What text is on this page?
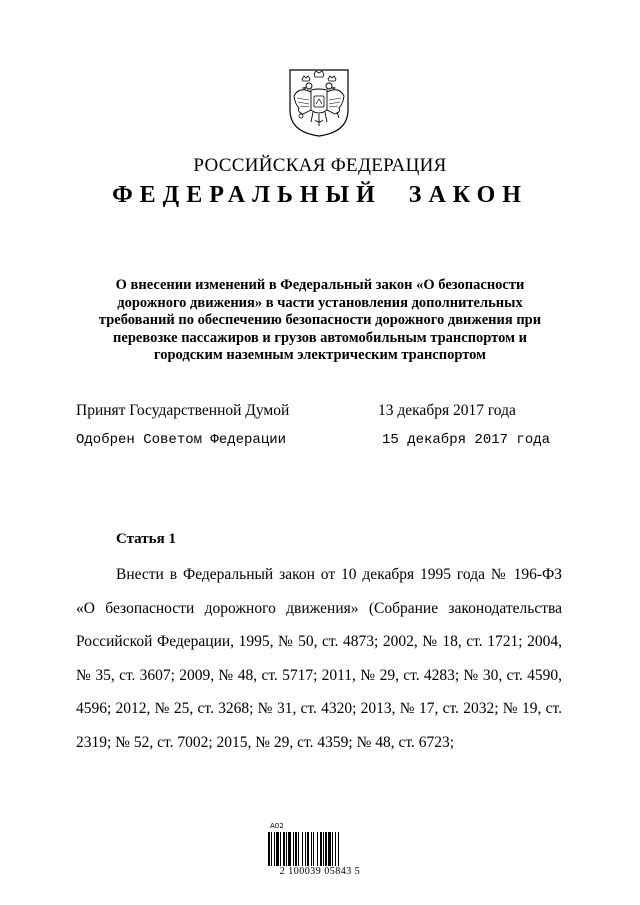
РОССИЙСКАЯ ФЕДЕРАЦИЯ
ФЕДЕРАЛЬНЫЙ ЗАКОН
О внесении изменений в Федеральный закон «О безопасности дорожного движения» в части установления дополнительных требований по обеспечению безопасности дорожного движения при перевозке пассажиров и грузов автомобильным транспортом и городским наземным электрическим транспортом
Принят Государственной Думой	13 декабря 2017 года
Одобрен Советом Федерации	15 декабря 2017 года
Статья 1

Внести в Федеральный закон от 10 декабря 1995 года № 196-ФЗ «О безопасности дорожного движения» (Собрание законодательства Российской Федерации, 1995, № 50, ст. 4873; 2002, № 18, ст. 1721; 2004, № 35, ст. 3607; 2009, № 48, ст. 5717; 2011, № 29, ст. 4283; № 30, ст. 4590, 4596; 2012, № 25, ст. 3268; № 31, ст. 4320; 2013, № 17, ст. 2032; № 19, ст. 2319; № 52, ст. 7002; 2015, № 29, ст. 4359; № 48, ст. 6723;

А02
2 100039 05843 5
